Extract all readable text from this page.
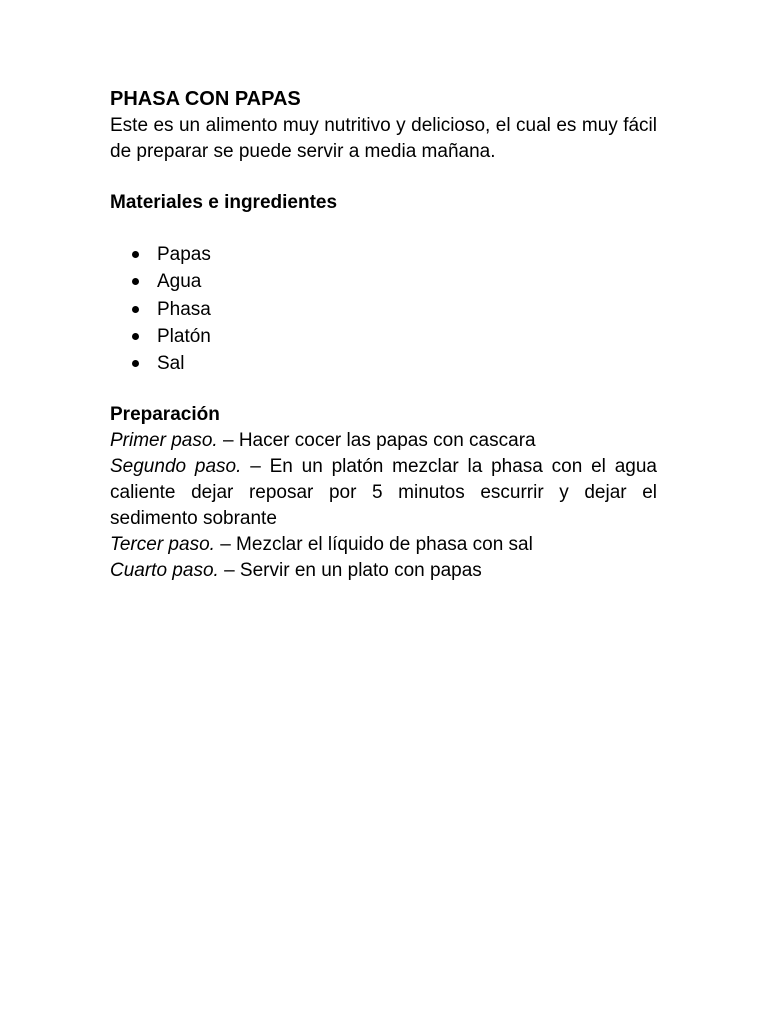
PHASA CON PAPAS

Este es un alimento muy nutritivo y delicioso, el cual es muy fácil de preparar se puede servir a media mañana.

Materiales e ingredientes
Papas
Agua
Phasa
Platón
Sal
Preparación

Primer paso. – Hacer cocer las papas con cascara

Segundo paso. – En un platón mezclar la phasa con el agua caliente dejar reposar por 5 minutos escurrir y dejar el sedimento sobrante

Tercer paso. – Mezclar el líquido de phasa con sal

Cuarto paso. – Servir en un plato con papas
